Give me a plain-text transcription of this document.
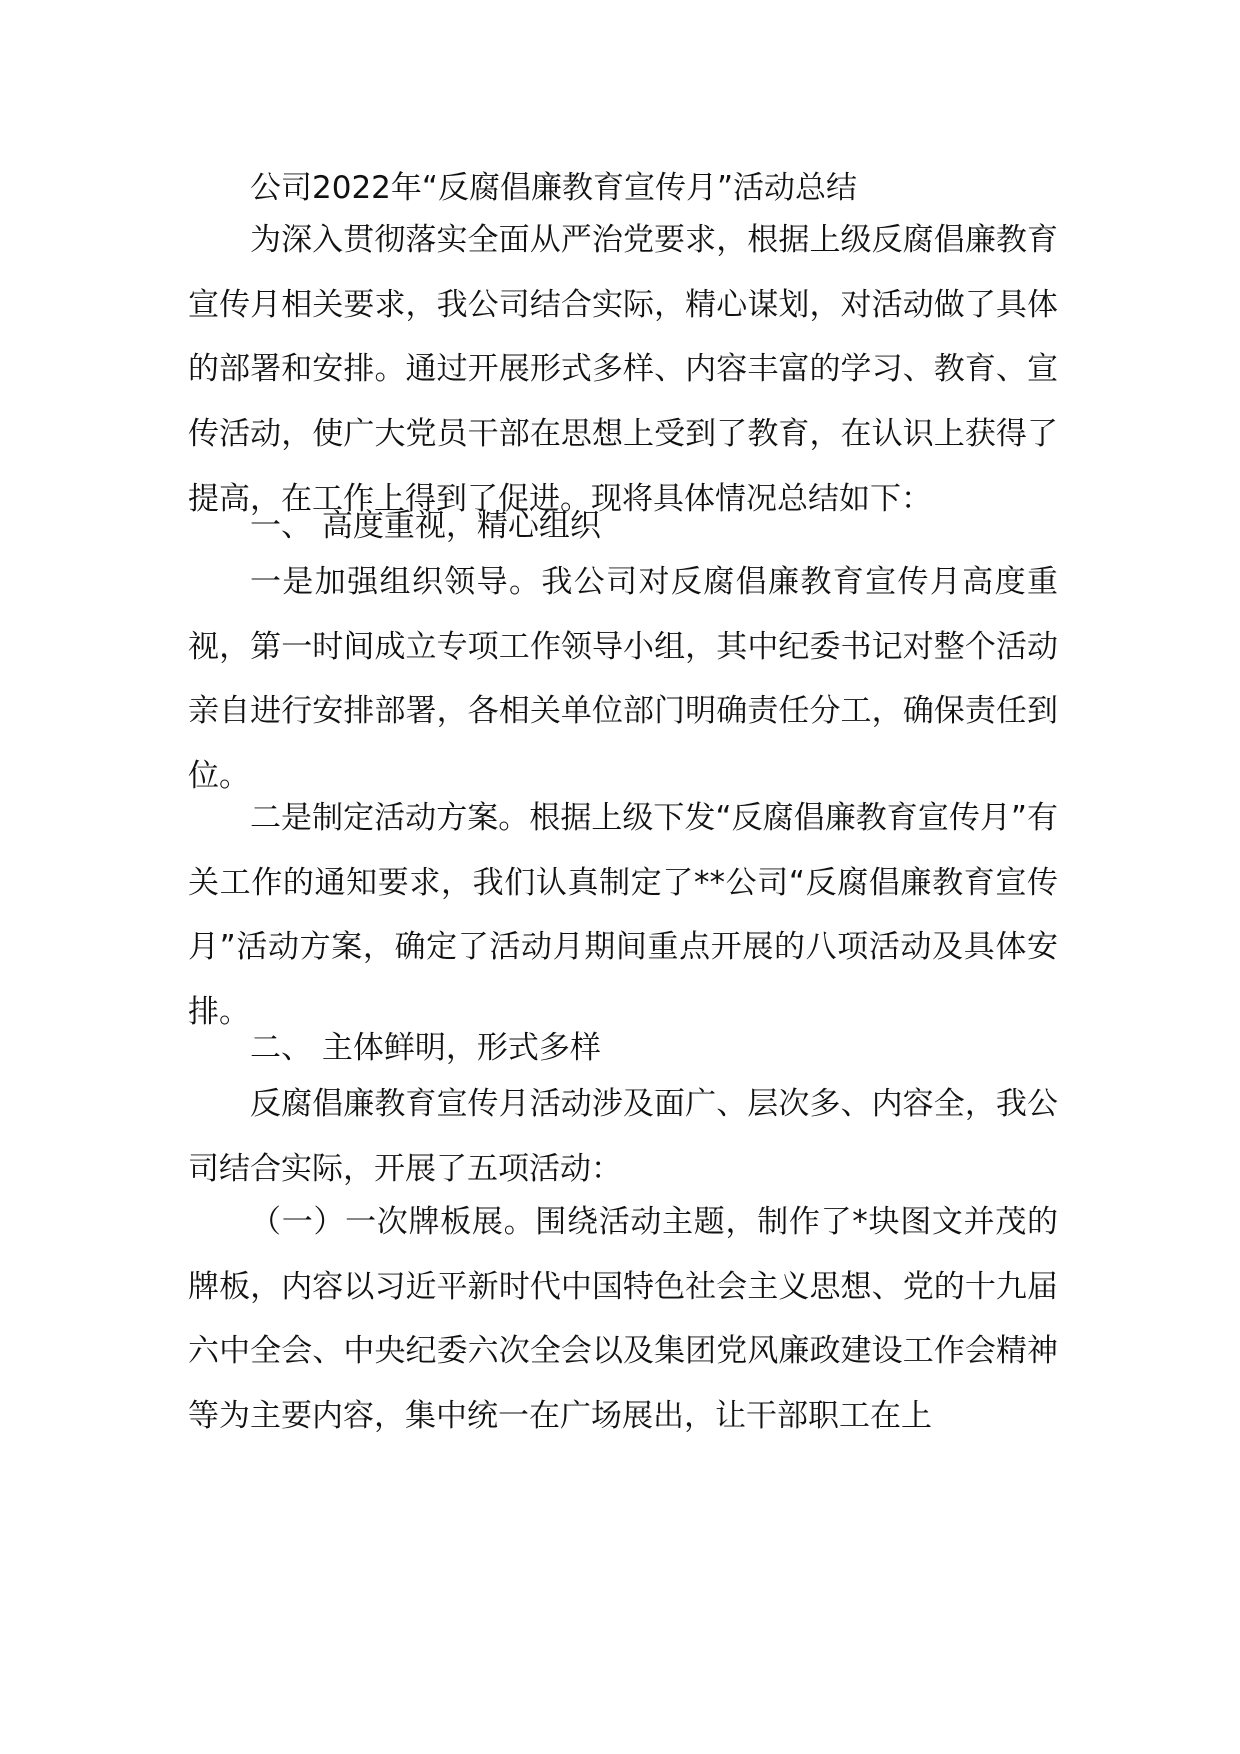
公司2022年“反腐倡廉教育宣传月”活动总结

为深入贯彻落实全面从严治党要求，根据上级反腐倡廉教育宣传月相关要求，我公司结合实际，精心谋划，对活动做了具体的部署和安排。通过开展形式多样、内容丰富的学习、教育、宣传活动，使广大党员干部在思想上受到了教育，在认识上获得了提高，在工作上得到了促进。现将具体情况总结如下：

一、 高度重视，精心组织

一是加强组织领导。我公司对反腐倡廉教育宣传月高度重视，第一时间成立专项工作领导小组，其中纪委书记对整个活动亲自进行安排部署，各相关单位部门明确责任分工，确保责任到位。

二是制定活动方案。根据上级下发“反腐倡廉教育宣传月”有关工作的通知要求，我们认真制定了**公司“反腐倡廉教育宣传月”活动方案，确定了活动月期间重点开展的八项活动及具体安排。

二、 主体鲜明，形式多样

反腐倡廉教育宣传月活动涉及面广、层次多、内容全，我公司结合实际，开展了五项活动：

（一）一次牌板展。围绕活动主题，制作了*块图文并茂的牌板，内容以习近平新时代中国特色社会主义思想、党的十九届六中全会、中央纪委六次全会以及集团党风廉政建设工作会精神等为主要内容，集中统一在广场展出，让干部职工在上
